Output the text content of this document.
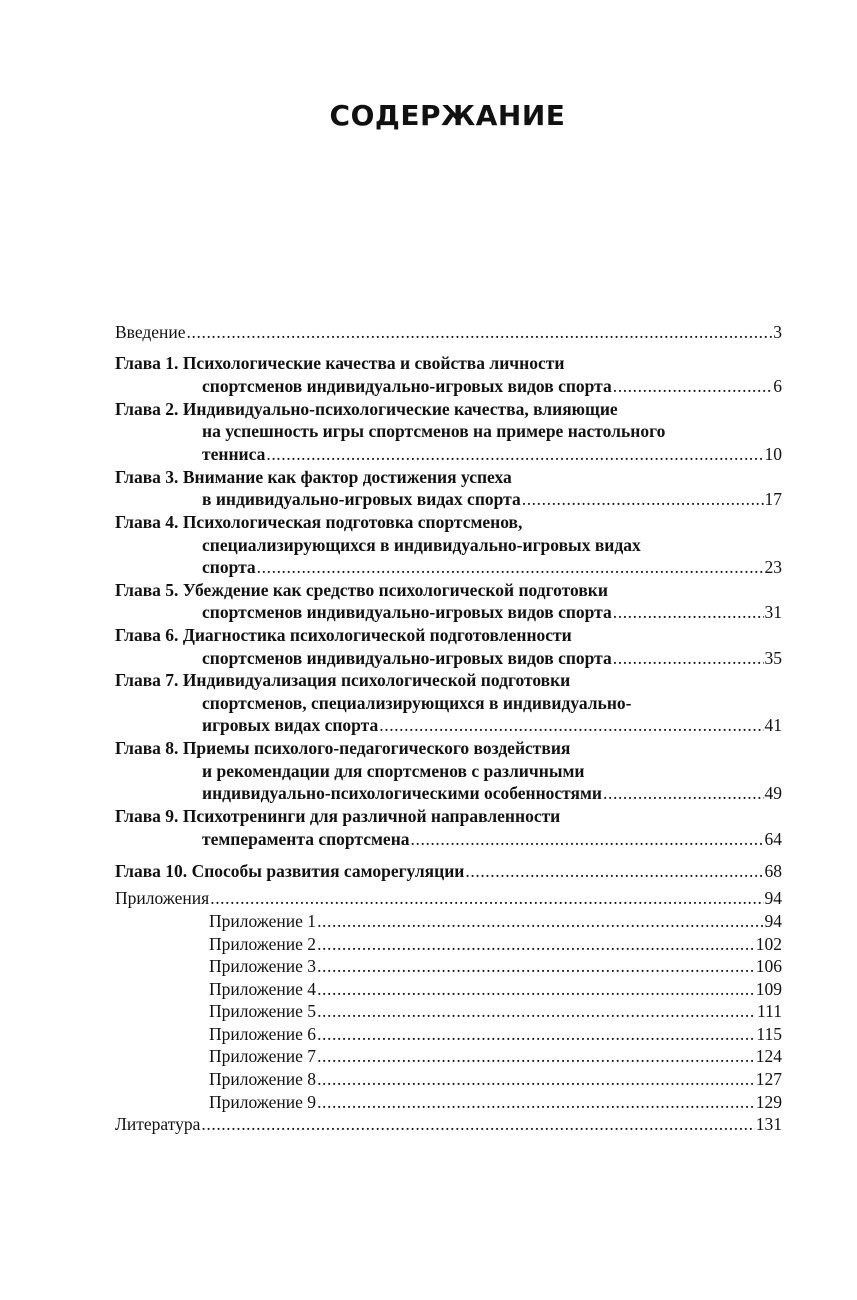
СОДЕРЖАНИЕ
Введение .....	3
Глава 1. Психологические качества и свойства личности
спортсменов индивидуально-игровых видов спорта .....	6
Глава 2. Индивидуально-психологические качества, влияющие
на успешность игры спортсменов на примере настольного
тенниса .....	10
Глава 3. Внимание как фактор достижения успеха
в индивидуально-игровых видах спорта .....	17
Глава 4. Психологическая подготовка спортсменов,
специализирующихся в индивидуально-игровых видах
спорта .....	23
Глава 5. Убеждение как средство психологической подготовки
спортсменов индивидуально-игровых видов спорта .....	31
Глава 6. Диагностика психологической подготовленности
спортсменов индивидуально-игровых видов спорта .....	35
Глава 7. Индивидуализация психологической подготовки
спортсменов, специализирующихся в индивидуально-
игровых видах спорта .....	41
Глава 8. Приемы психолого-педагогического воздействия
и рекомендации для спортсменов с различными
индивидуально-психологическими особенностями .....	49
Глава 9. Психотренинги для различной направленности
темперамента спортсмена .....	64
Глава 10. Способы развития саморегуляции .....	68
Приложения .....	94
Приложение 1 .....	94
Приложение 2 .....	102
Приложение 3 .....	106
Приложение 4 .....	109
Приложение 5 .....	111
Приложение 6 .....	115
Приложение 7 .....	124
Приложение 8 .....	127
Приложение 9 .....	129
Литература .....	131
